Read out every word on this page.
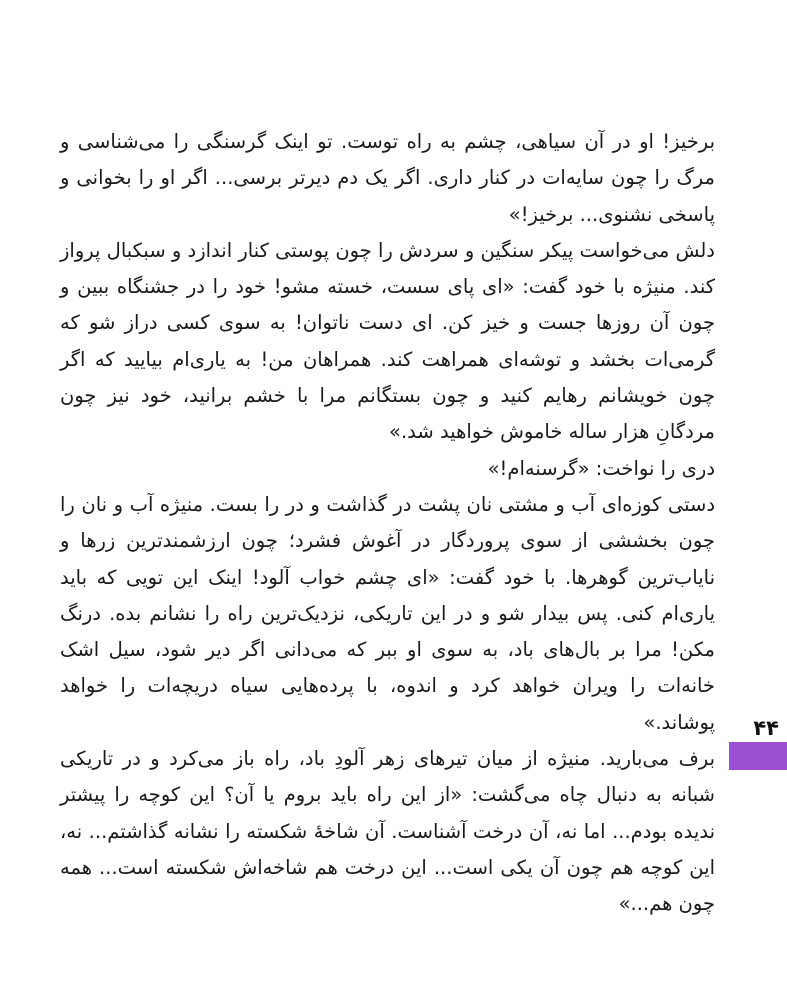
برخیز! او در آن سیاهی، چشم به راه توست. تو اینک گرسنگی را می‌شناسی و مرگ را چون سایه‌ات در کنار داری. اگر یک دم دیرتر برسی... اگر او را بخوانی و پاسخی نشنوی... برخیز!»

دلش می‌خواست پیکر سنگین و سردش را چون پوستی کنار اندازد و سبکبال پرواز کند. منیژه با خود گفت: «ای پای سست، خسته مشو! خود را در جشنگاه ببین و چون آن روزها جست و خیز کن. ای دست ناتوان! به سوی کسی دراز شو که گرمی‌ات بخشد و توشه‌ای همراهت کند. همراهان من! به یاری‌ام بیایید که اگر چون خویشانم رهایم کنید و چون بستگانم مرا با خشم برانید، خود نیز چون مردگانِ هزار ساله خاموش خواهید شد.»

دری را نواخت: «گرسنه‌ام!»

دستی کوزه‌ای آب و مشتی نان پشت در گذاشت و در را بست. منیژه آب و نان را چون بخششی از سوی پروردگار در آغوش فشرد؛ چون ارزشمندترین زرها و نایاب‌ترین گوهرها. با خود گفت: «ای چشم خواب آلود! اینک این تویی که باید یاری‌ام کنی. پس بیدار شو و در این تاریکی، نزدیک‌ترین راه را نشانم بده. درنگ مکن! مرا بر بال‌های باد، به سوی او ببر که می‌دانی اگر دیر شود، سیل اشک خانه‌ات را ویران خواهد کرد و اندوه، با پرده‌هایی سیاه دریچه‌ات را خواهد پوشاند.»

برف می‌بارید. منیژه از میان تیرهای زهر آلودِ باد، راه باز می‌کرد و در تاریکی شبانه به دنبال چاه می‌گشت: «از این راه باید بروم یا آن؟ این کوچه را پیشتر ندیده بودم... اما نه، آن درخت آشناست. آن شاخهٔ شکسته را نشانه گذاشتم... نه، این کوچه هم چون آن یکی است... این درخت هم شاخه‌اش شکسته است... همه چون هم...»

۴۴
